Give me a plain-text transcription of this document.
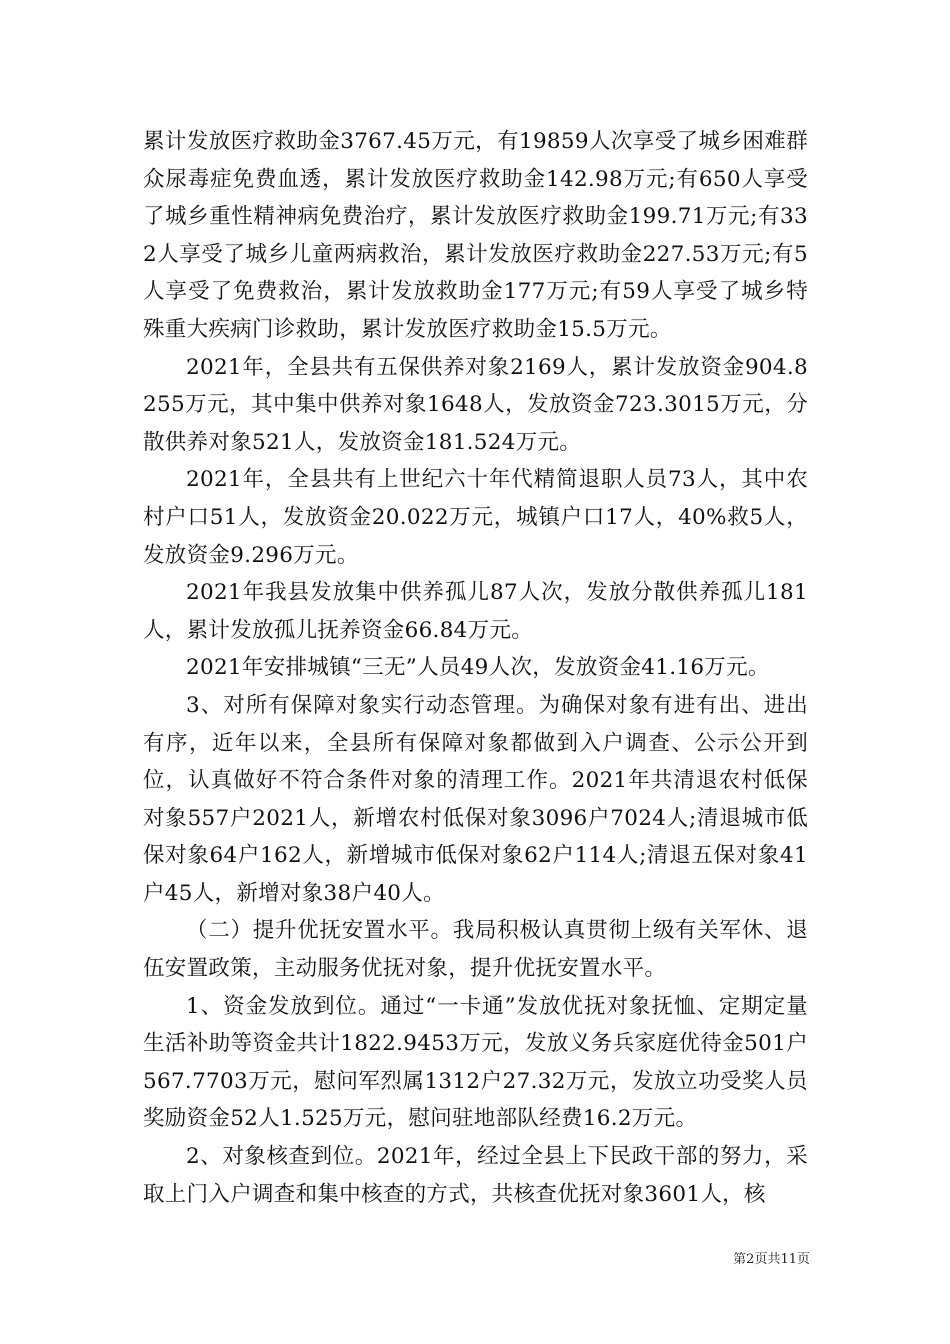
累计发放医疗救助金3767.45万元，有19859人次享受了城乡困难群众尿毒症免费血透，累计发放医疗救助金142.98万元;有650人享受了城乡重性精神病免费治疗，累计发放医疗救助金199.71万元;有332人享受了城乡儿童两病救治，累计发放医疗救助金227.53万元;有5人享受了免费救治，累计发放救助金177万元;有59人享受了城乡特殊重大疾病门诊救助，累计发放医疗救助金15.5万元。

2021年，全县共有五保供养对象2169人，累计发放资金904.8255万元，其中集中供养对象1648人，发放资金723.3015万元，分散供养对象521人，发放资金181.524万元。

2021年，全县共有上世纪六十年代精简退职人员73人，其中农村户口51人，发放资金20.022万元，城镇户口17人，40%救5人，发放资金9.296万元。

2021年我县发放集中供养孤儿87人次，发放分散供养孤儿181人，累计发放孤儿抚养资金66.84万元。

2021年安排城镇“三无”人员49人次，发放资金41.16万元。

3、对所有保障对象实行动态管理。为确保对象有进有出、进出有序，近年以来，全县所有保障对象都做到入户调查、公示公开到位，认真做好不符合条件对象的清理工作。2021年共清退农村低保对象557户2021人，新增农村低保对象3096户7024人;清退城市低保对象64户162人，新增城市低保对象62户114人;清退五保对象41户45人，新增对象38户40人。

（二）提升优抚安置水平。我局积极认真贯彻上级有关军休、退伍安置政策，主动服务优抚对象，提升优抚安置水平。

1、资金发放到位。通过“一卡通”发放优抚对象抚恤、定期定量生活补助等资金共计1822.9453万元，发放义务兵家庭优待金501户567.7703万元，慰问军烈属1312户27.32万元，发放立功受奖人员奖励资金52人1.525万元，慰问驻地部队经费16.2万元。

2、对象核查到位。2021年，经过全县上下民政干部的努力，采取上门入户调查和集中核查的方式，共核查优抚对象3601人，核

第2页共11页
